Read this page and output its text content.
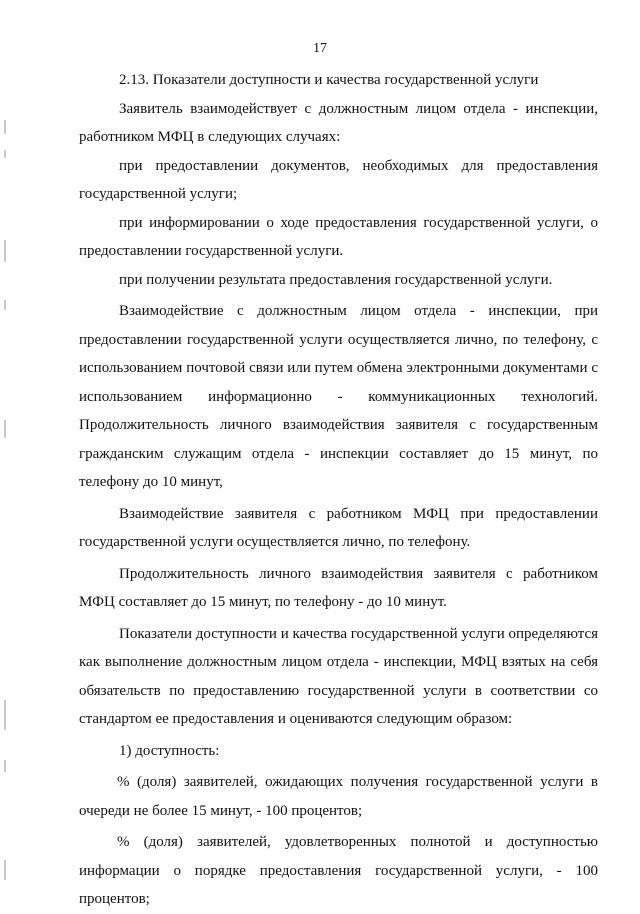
17

2.13. Показатели доступности и качества государственной услуги

Заявитель взаимодействует с должностным лицом отдела - инспекции, работником МФЦ в следующих случаях:

при предоставлении документов, необходимых для предоставления государственной услуги;

при информировании о ходе предоставления государственной услуги, о предоставлении государственной услуги.

при получении результата предоставления государственной услуги.

Взаимодействие с должностным лицом отдела - инспекции, при предоставлении государственной услуги осуществляется лично, по телефону, с использованием почтовой связи или путем обмена электронными документами с использованием информационно - коммуникационных технологий. Продолжительность личного взаимодействия заявителя с государственным гражданским служащим отдела - инспекции составляет до 15 минут, по телефону до 10 минут,

Взаимодействие заявителя с работником МФЦ при предоставлении государственной услуги осуществляется лично, по телефону.

Продолжительность личного взаимодействия заявителя с работником МФЦ составляет до 15 минут, по телефону - до 10 минут.

Показатели доступности и качества государственной услуги определяются как выполнение должностным лицом отдела - инспекции, МФЦ взятых на себя обязательств по предоставлению государственной услуги в соответствии со стандартом ее предоставления и оцениваются следующим образом:

1) доступность:

% (доля) заявителей, ожидающих получения государственной услуги в очереди не более 15 минут, - 100 процентов;

% (доля) заявителей, удовлетворенных полнотой и доступностью информации о порядке предоставления государственной услуги, - 100 процентов;
